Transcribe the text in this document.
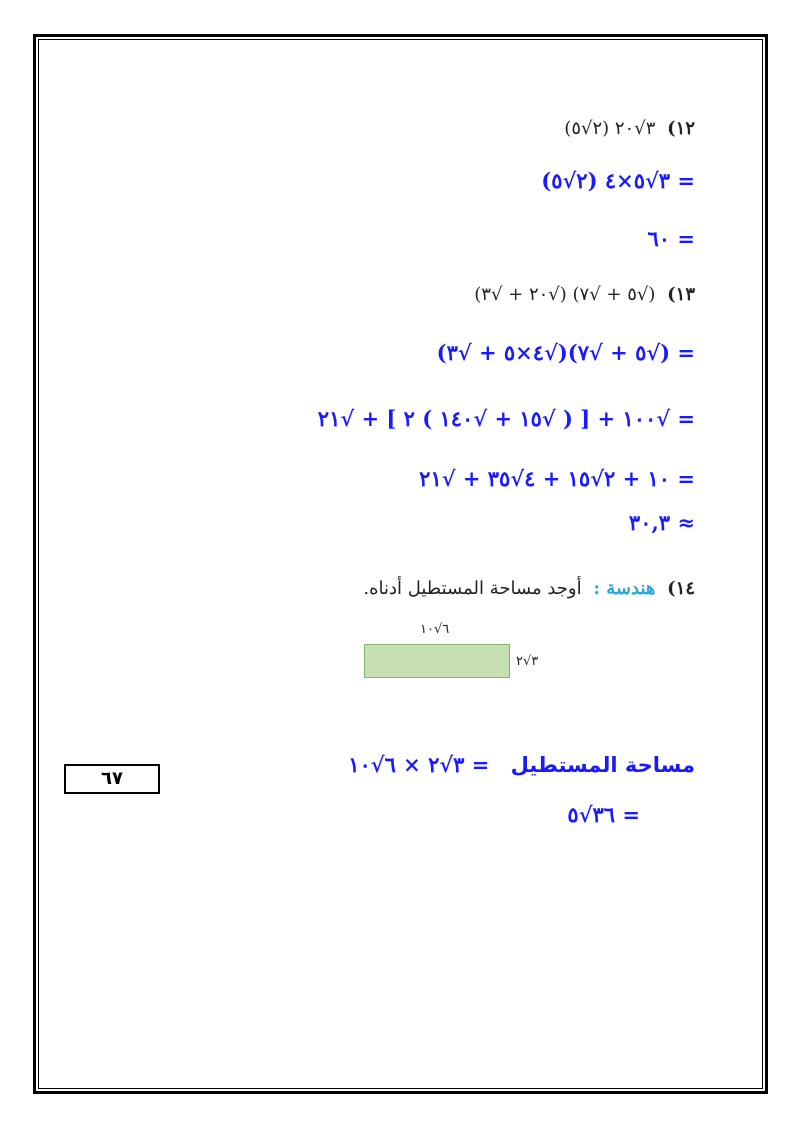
١٢) ٣√٢٠ (٢√٥)
= ٣√٥×٤ (٢√٥)
= ٦٠
١٣) (√٥ + √٧) (√٢٠ + √٣)
= (√٥ + √٧)(√٤×٥ + √٣)
= √١٠٠ + [ ( √١٥ + √١٤٠ ) ٢ ] + √٢١
= ١٠ + ٢√١٥ + ٤√٣٥ + √٢١
≈ ٣٠,٣
١٤) هندسة : أوجد مساحة المستطيل أدناه.
٦√١٠
٣√٢
مساحة المستطيل = ٣√٢ × ٦√١٠
= ٣٦√٥
٦٧
